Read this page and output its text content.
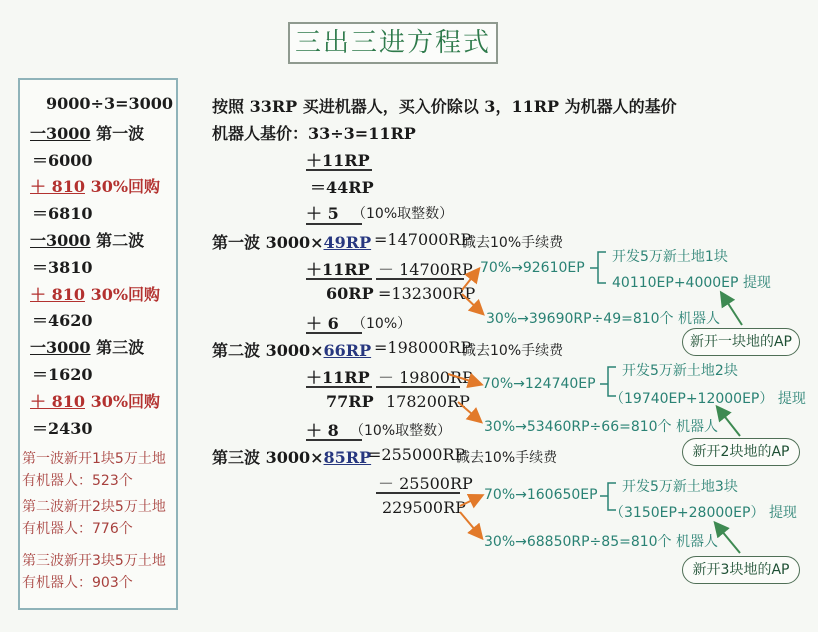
三出三进方程式
9000÷3=3000
一3000 第一波
＝6000
＋ 810 30%回购
＝6810
一3000 第二波
＝3810
＋ 810 30%回购
＝4620
一3000 第三波
＝1620
＋ 810 30%回购
＝2430
第一波新开1块5万土地有机器人：523个
第二波新开2块5万土地有机器人：776个
第三波新开3块5万土地有机器人：903个
按照 33RP 买进机器人，买入价除以 3，11RP 为机器人的基价
机器人基价：33÷3=11RP
＋11RP
＝44RP
＋ 5 （10%取整数）
第一波 3000×49RP =147000RP
减去10%手续费
＋11RP － 14700RP
60RP =132300RP
70%→92610EP
开发5万新土地1块
40110EP+4000EP 提现
30%→39690RP÷49=810个 机器人
新开一块地的AP
＋ 6 （10%）
第二波 3000×66RP =198000RP
减去10%手续费
＋11RP － 19800RP
77RP 178200RP
70%→124740EP
开发5万新土地2块
（19740EP+12000EP） 提现
30%→53460RP÷66=810个 机器人
新开2块地的AP
＋ 8 （10%取整数）
第三波 3000×85RP
=255000RP
减去10%手续费
－ 25500RP
229500RP
70%→160650EP 开发5万新土地3块
（3150EP+28000EP） 提现
30%→68850RP÷85=810个 机器人
新开3块地的AP
